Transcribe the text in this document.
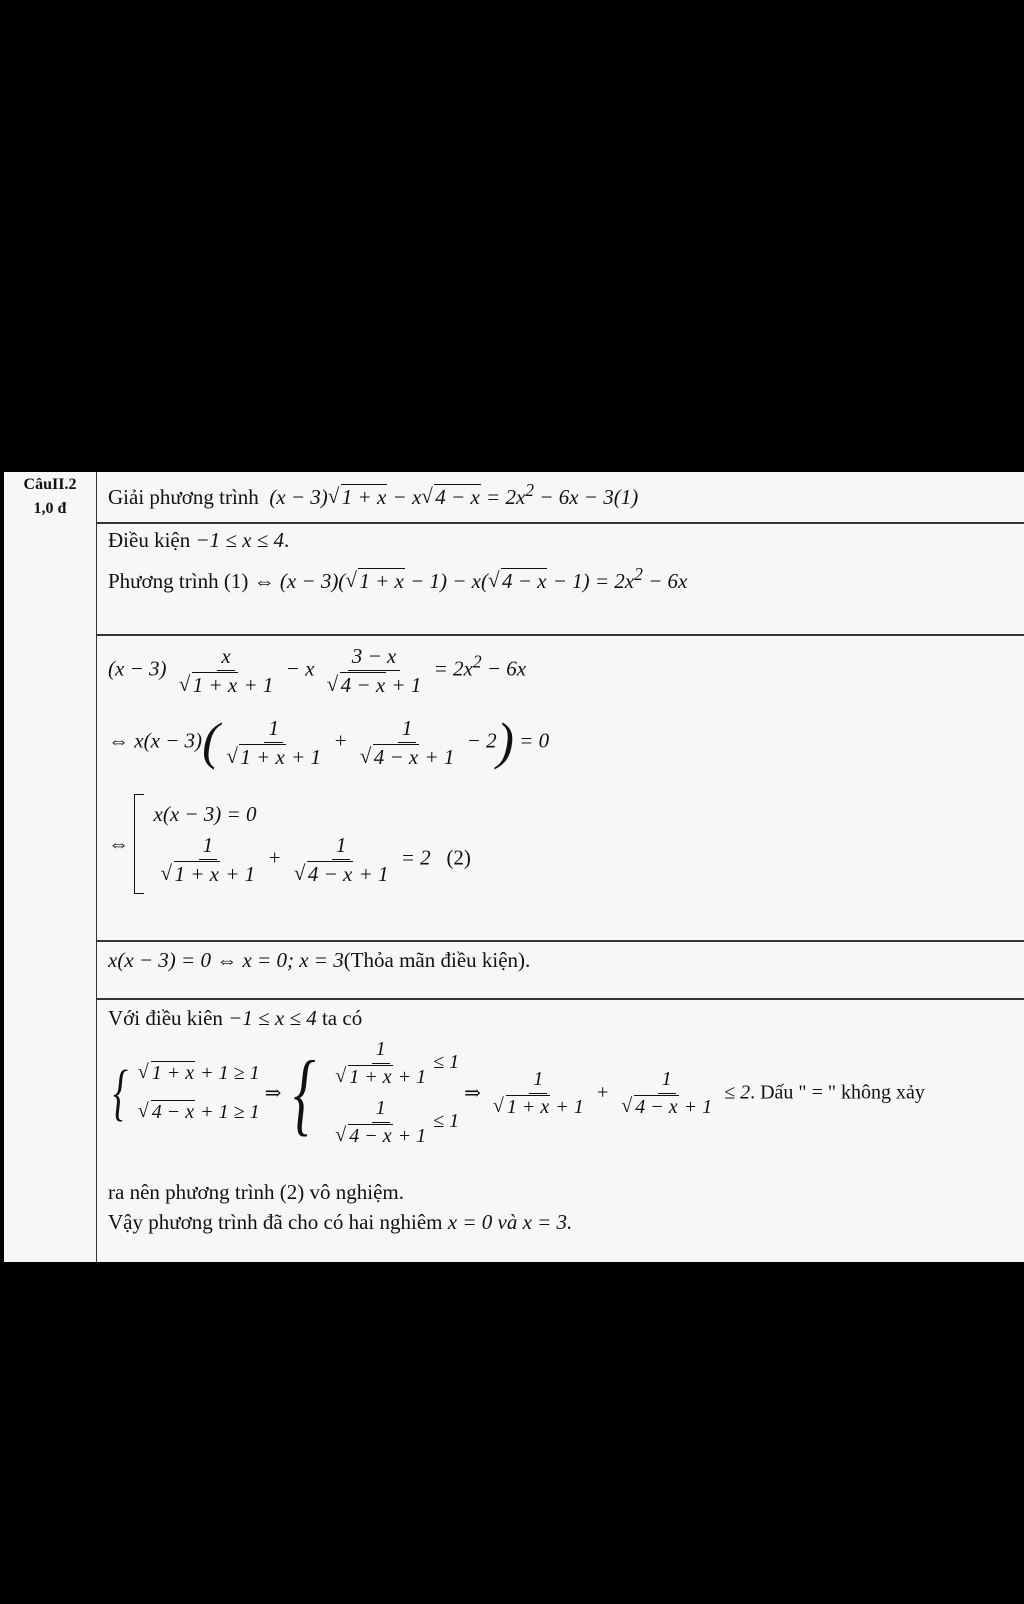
CâuII.2
1,0 đ	Giải phương trình  (x − 3) √ 1 + x − x √ $4 - x = 2x^2 - 6x - 3(1)$
Điều kiện −1 ≤ x ≤ 4.
Phương trình (1) ⇔ (x − 3)( √ 1 + x − 1) − x( √ $4 - x - 1) = 2x^2 - 6x$
(x − 3) x
√ 1 + x + 1 − x 3 − x
√ $4 - x + 1 = 2x^2 - 6x$
⇔ x(x − 3)( 1
√ 1 + x + 1 + 1
√ 4 − x + 1 − 2) = 0
⇔
x(x − 3) = 0
1
√ 1 + x + 1 + 1
√ 4 − x + 1 = 2   (2)
x(x − 3) = 0 ⇔ x = 0; x = 3(Thỏa mãn điều kiện).
Với điều kiên −1 ≤ x ≤ 4 ta có
{	√ 1 + x + 1 ≥ 1
√ 4 − x + 1 ≥ 1
⇒ { 1
√ 1 + x + 1 ≤ 1
1
√ 4 − x + 1 ≤ 1
⇒ 1
√ 1 + x + 1 + 1
√ 4 − x + 1 ≤ 2. Dấu " = " không xảy
ra nên phương trình (2) vô nghiệm.
Vậy phương trình đã cho có hai nghiêm x = 0 và x = 3.
